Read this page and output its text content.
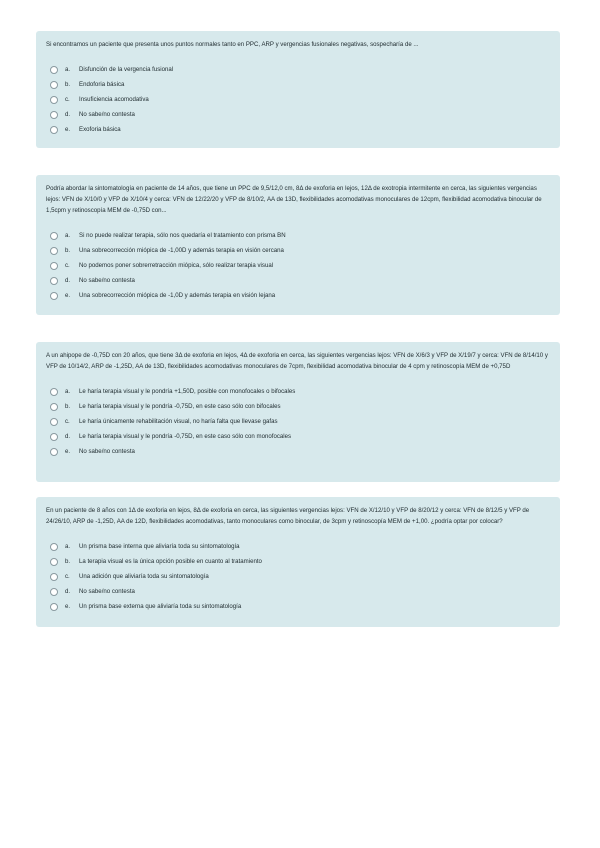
Si encontramos un paciente que presenta unos puntos normales tanto en PPC, ARP y vergencias fusionales negativas, sospecharía de ...

a.	Disfunción de la vergencia fusional
b.	Endoforia básica
c.	Insuficiencia acomodativa
d.	No sabe/no contesta
e.	Exoforia básica

Podría abordar la sintomatología en paciente de 14 años, que tiene un PPC de 9,5/12,0 cm, 8Δ de exoforia en lejos, 12Δ de exotropia intermitente en cerca, las siguientes vergencias lejos: VFN de X/10/0 y VFP de X/10/4 y cerca: VFN de 12/22/20 y VFP de 8/10/2, AA de 13D, flexibilidades acomodativas monoculares de 12cpm, flexibilidad acomodativa binocular de 1,5cpm y retinoscopía MEM de -0,75D con...

a.	Si no puede realizar terapia, sólo nos quedaría el tratamiento con prisma BN
b.	Una sobrecorrección miópica de -1,00D y además terapia en visión cercana
c.	No podemos poner sobrerretracción miópica, sólo realizar terapia visual
d.	No sabe/no contesta
e.	Una sobrecorrección miópica de -1,0D y además terapia en visión lejana

A un ahipope de -0,75D con 20 años, que tiene 3Δ de exoforia en lejos, 4Δ de exoforia en cerca, las siguientes vergencias lejos: VFN de X/6/3 y VFP de X/19/7 y cerca: VFN de 8/14/10 y VFP de 10/14/2, ARP de -1,25D, AA de 13D, flexibilidades acomodativas monoculares de 7cpm, flexibilidad acomodativa binocular de 4 cpm y retinoscopía MEM de +0,75D

a.	Le haría terapia visual y le pondría +1,50D, posible con monofocales o bifocales
b.	Le haría terapia visual y le pondría -0,75D, en este caso sólo con bifocales
c.	Le haría únicamente rehabilitación visual, no haría falta que llevase gafas
d.	Le haría terapia visual y le pondría -0,75D, en este caso sólo con monofocales
e.	No sabe/no contesta

En un paciente de 8 años con 1Δ de exoforia en lejos, 8Δ de exoforia en cerca, las siguientes vergencias lejos: VFN de X/12/10 y VFP de 8/20/12 y cerca: VFN de 8/12/5 y VFP de 24/26/10, ARP de -1,25D, AA de 12D, flexibilidades acomodativas, tanto monoculares como binocular, de 3cpm y retinoscopía MEM de +1,00. ¿podría optar por colocar?

a.	Un prisma base interna que aliviaría toda su sintomatología
b.	La terapia visual es la única opción posible en cuanto al tratamiento
c.	Una adición que aliviaría toda su sintomatología
d.	No sabe/no contesta
e.	Un prisma base externa que aliviaría toda su sintomatología
